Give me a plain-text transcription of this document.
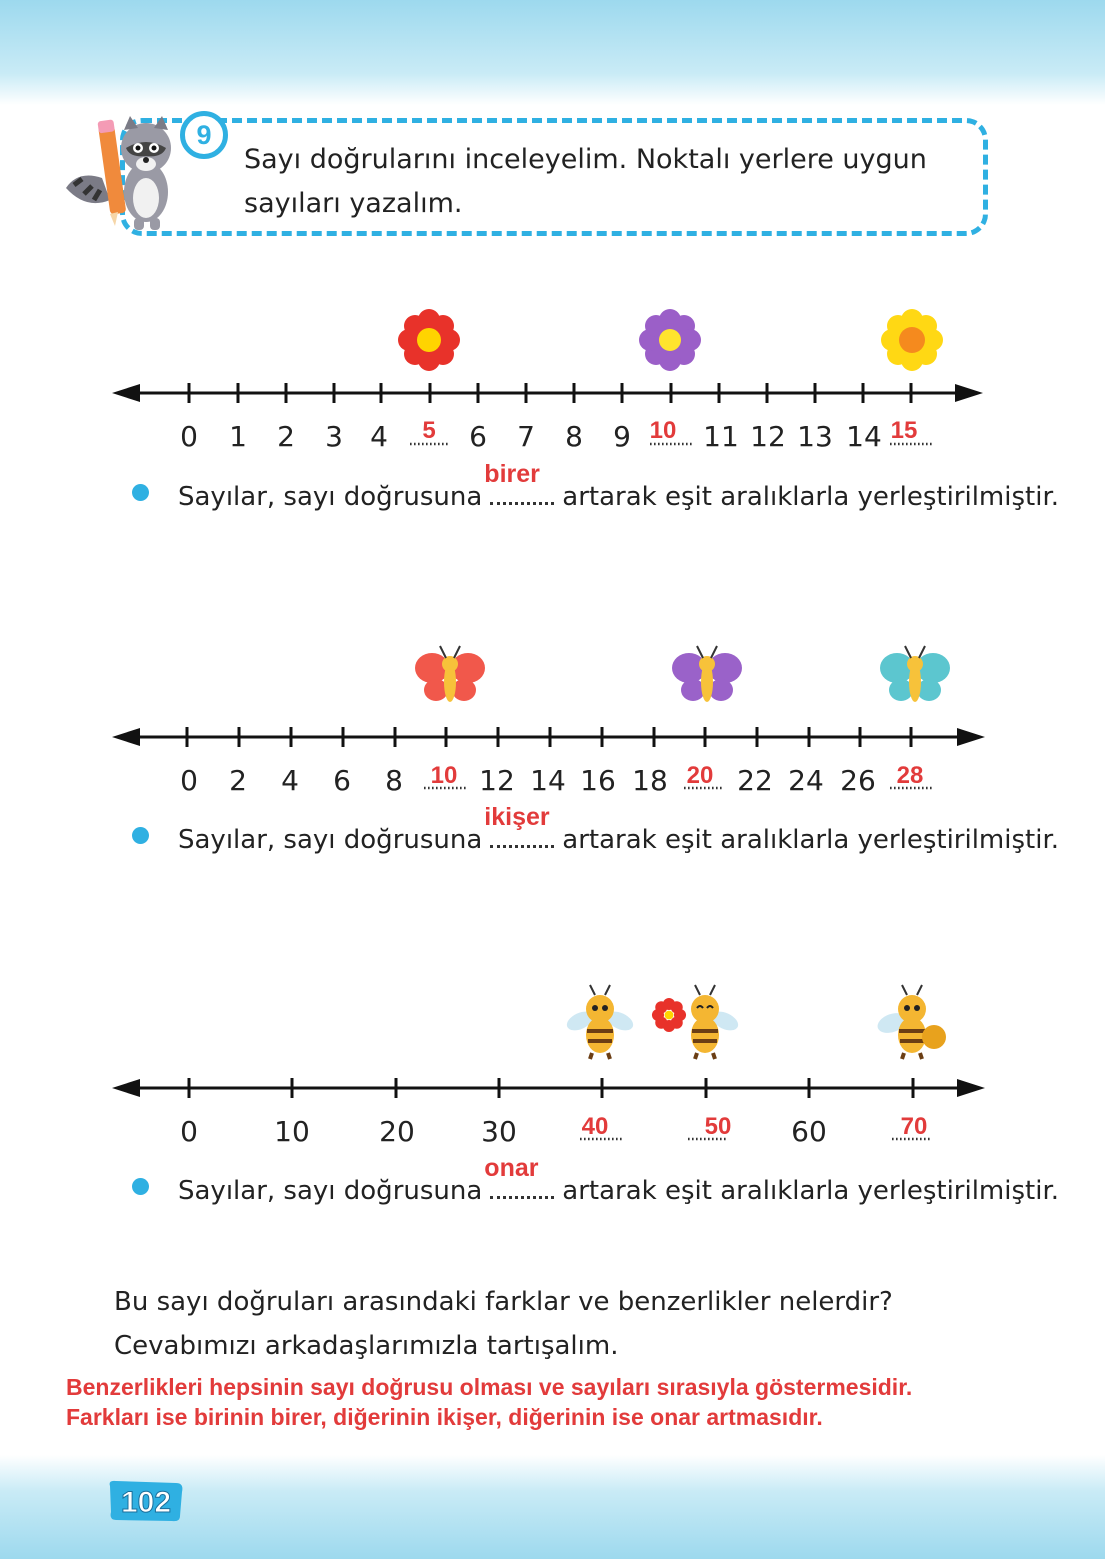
9
Sayı doğrularını inceleyelim. Noktalı yerlere uygun sayıları yazalım.
0 1 2 3 4	6 7 8 9	11 12 13 14
5	10	15
0 2 4 6 8	12 14 16 18 22 24 26
10	20	28
0	10 20 30	60
40	50	70
Sayılar, sayı doğrusuna
birer
artarak eşit aralıklarla yerleştirilmiştir.
Sayılar, sayı doğrusuna
ikişer
artarak eşit aralıklarla yerleştirilmiştir.
Sayılar, sayı doğrusuna
onar
artarak eşit aralıklarla yerleştirilmiştir.
Bu sayı doğruları arasındaki farklar ve benzerlikler nelerdir? Cevabımızı arkadaşlarımızla tartışalım.
Benzerlikleri hepsinin sayı doğrusu olması ve sayıları sırasıyla göstermesidir.
Farkları ise birinin birer, diğerinin ikişer, diğerinin ise onar artmasıdır.
102
